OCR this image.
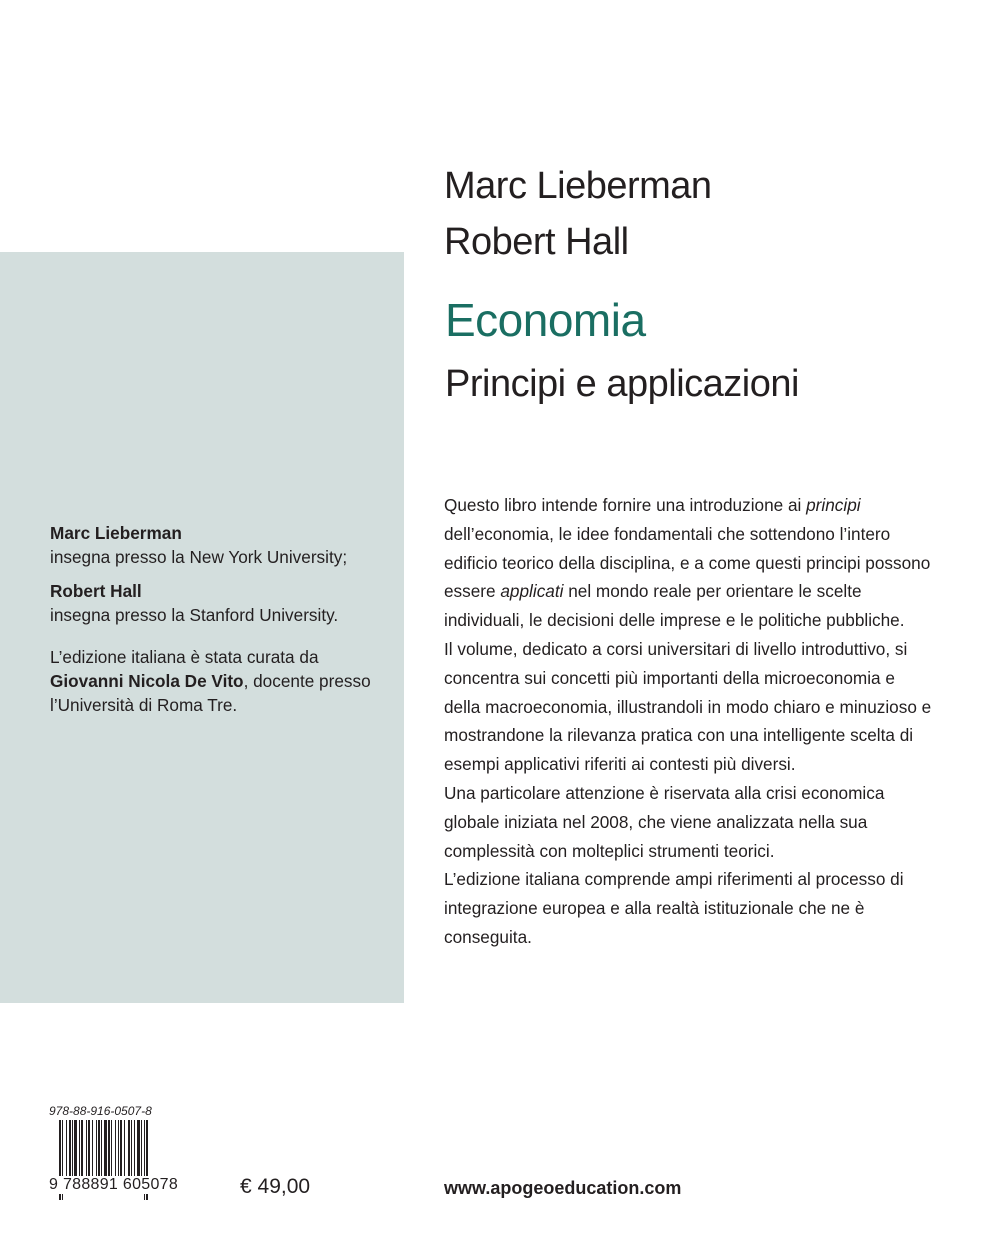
Marc Lieberman
Robert Hall
Economia
Principi e applicazioni
Questo libro intende fornire una introduzione ai principi dell’economia, le idee fondamentali che sottendono l’intero edificio teorico della disciplina, e a come questi principi possono essere applicati nel mondo reale per orientare le scelte individuali, le decisioni delle imprese e le politiche pubbliche.
Il volume, dedicato a corsi universitari di livello introduttivo, si concentra sui concetti più importanti della microeconomia e della macroeconomia, illustrandoli in modo chiaro e minuzioso e mostrandone la rilevanza pratica con una intelligente scelta di esempi applicativi riferiti ai contesti più diversi.
Una particolare attenzione è riservata alla crisi economica globale iniziata nel 2008, che viene analizzata nella sua complessità con molteplici strumenti teorici.
L’edizione italiana comprende ampi riferimenti al processo di integrazione europea e alla realtà istituzionale che ne è conseguita.
Marc Lieberman
insegna presso la New York University;
Robert Hall
insegna presso la Stanford University.
L’edizione italiana è stata curata da Giovanni Nicola De Vito, docente presso l’Università di Roma Tre.
978-88-916-0507-8
9 788891 605078	€ 49,00	www.apogeoeducation.com
